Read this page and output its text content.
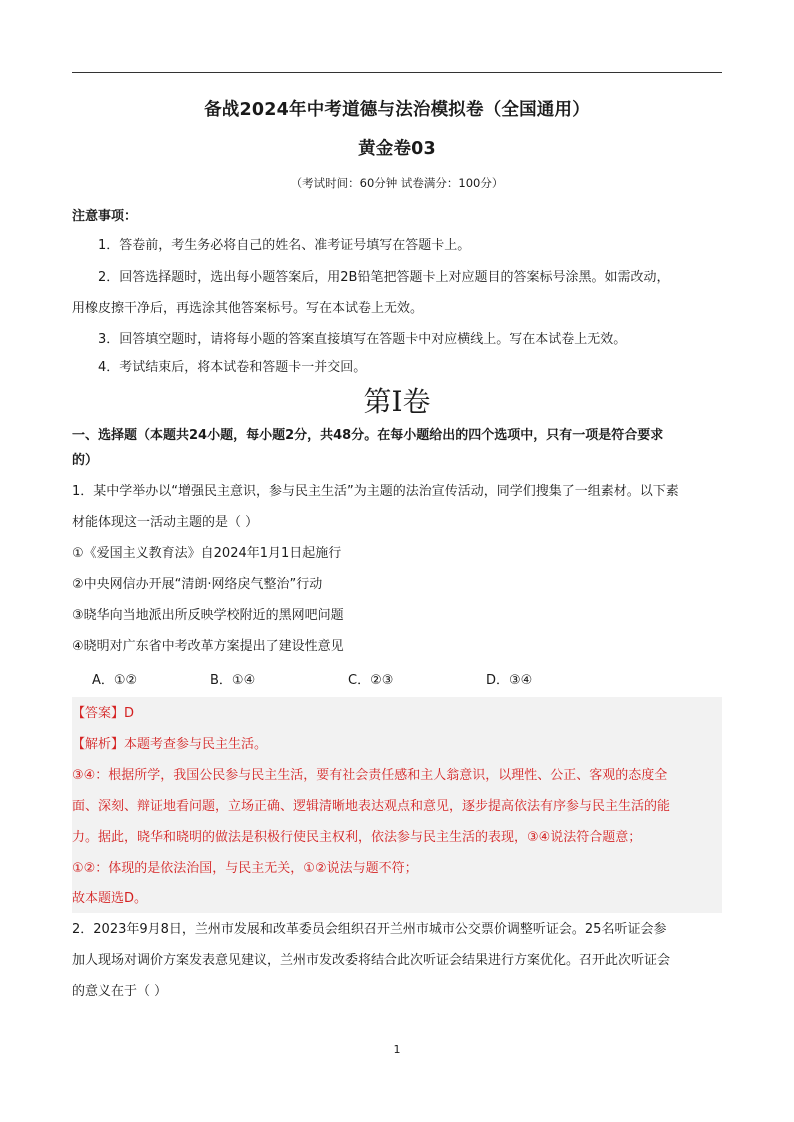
备战2024年中考道德与法治模拟卷（全国通用）
黄金卷03
（考试时间：60分钟 试卷满分：100分）
注意事项：
1．答卷前，考生务必将自己的姓名、准考证号填写在答题卡上。
2．回答选择题时，选出每小题答案后，用2B铅笔把答题卡上对应题目的答案标号涂黑。如需改动，
用橡皮擦干净后，再选涂其他答案标号。写在本试卷上无效。
3．回答填空题时，请将每小题的答案直接填写在答题卡中对应横线上。写在本试卷上无效。
4．考试结束后，将本试卷和答题卡一并交回。
第Ⅰ卷
一、选择题（本题共24小题，每小题2分，共48分。在每小题给出的四个选项中，只有一项是符合要求
的）
1．某中学举办以“增强民主意识，参与民主生活”为主题的法治宣传活动，同学们搜集了一组素材。以下素
材能体现这一活动主题的是（ ）
①《爱国主义教育法》自2024年1月1日起施行
②中央网信办开展“清朗·网络戾气整治”行动
③晓华向当地派出所反映学校附近的黑网吧问题
④晓明对广东省中考改革方案提出了建设性意见
A．①②	B．①④	C．②③	D．③④
【答案】D
【解析】本题考查参与民主生活。
③④：根据所学，我国公民参与民主生活，要有社会责任感和主人翁意识，以理性、公正、客观的态度全
面、深刻、辩证地看问题，立场正确、逻辑清晰地表达观点和意见，逐步提高依法有序参与民主生活的能
力。据此，晓华和晓明的做法是积极行使民主权利，依法参与民主生活的表现，③④说法符合题意；
①②：体现的是依法治国，与民主无关，①②说法与题不符；
故本题选D。
2．2023年9月8日，兰州市发展和改革委员会组织召开兰州市城市公交票价调整听证会。25名听证会参
加人现场对调价方案发表意见建议，兰州市发改委将结合此次听证会结果进行方案优化。召开此次听证会
的意义在于（ ）
1
